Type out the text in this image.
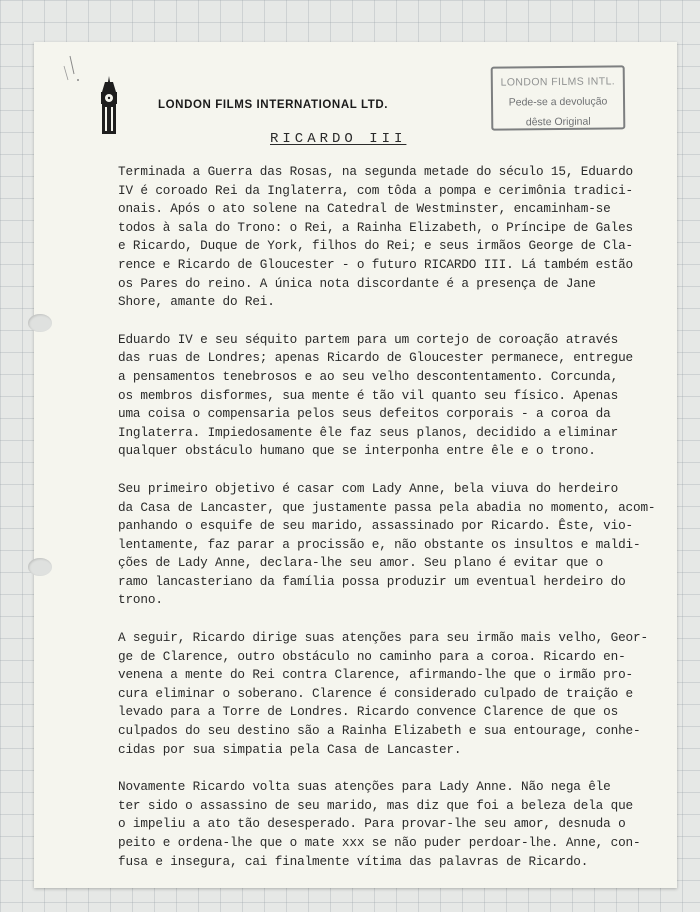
LONDON FILMS INTERNATIONAL LTD.
LONDON FILMS INTL.
Pede-se a devolução
dêste Original
RICARDO III
Terminada a Guerra das Rosas, na segunda metade do século 15, Eduardo
IV é coroado Rei da Inglaterra, com tôda a pompa e cerimônia tradici-
onais. Após o ato solene na Catedral de Westminster, encaminham-se
todos à sala do Trono: o Rei, a Rainha Elizabeth, o Príncipe de Gales
e Ricardo, Duque de York, filhos do Rei; e seus irmãos George de Cla-
rence e Ricardo de Gloucester - o futuro RICARDO III. Lá também estão
os Pares do reino. A única nota discordante é a presença de Jane
Shore, amante do Rei.
Eduardo IV e seu séquito partem para um cortejo de coroação através
das ruas de Londres; apenas Ricardo de Gloucester permanece, entregue
a pensamentos tenebrosos e ao seu velho descontentamento. Corcunda,
os membros disformes, sua mente é tão vil quanto seu físico. Apenas
uma coisa o compensaria pelos seus defeitos corporais - a coroa da
Inglaterra. Impiedosamente êle faz seus planos, decidido a eliminar
qualquer obstáculo humano que se interponha entre êle e o trono.
Seu primeiro objetivo é casar com Lady Anne, bela viuva do herdeiro
da Casa de Lancaster, que justamente passa pela abadia no momento, acom-
panhando o esquife de seu marido, assassinado por Ricardo. Êste, vio-
lentamente, faz parar a procissão e, não obstante os insultos e maldi-
ções de Lady Anne, declara-lhe seu amor. Seu plano é evitar que o
ramo lancasteriano da família possa produzir um eventual herdeiro do
trono.
A seguir, Ricardo dirige suas atenções para seu irmão mais velho, Geor-
ge de Clarence, outro obstáculo no caminho para a coroa. Ricardo en-
venena a mente do Rei contra Clarence, afirmando-lhe que o irmão pro-
cura eliminar o soberano. Clarence é considerado culpado de traição e
levado para a Torre de Londres. Ricardo convence Clarence de que os
culpados do seu destino são a Rainha Elizabeth e sua entourage, conhe-
cidas por sua simpatia pela Casa de Lancaster.
Novamente Ricardo volta suas atenções para Lady Anne. Não nega êle
ter sido o assassino de seu marido, mas diz que foi a beleza dela que
o impeliu a ato tão desesperado. Para provar-lhe seu amor, desnuda o
peito e ordena-lhe que o mate xxx se não puder perdoar-lhe. Anne, con-
fusa e insegura, cai finalmente vítima das palavras de Ricardo.
